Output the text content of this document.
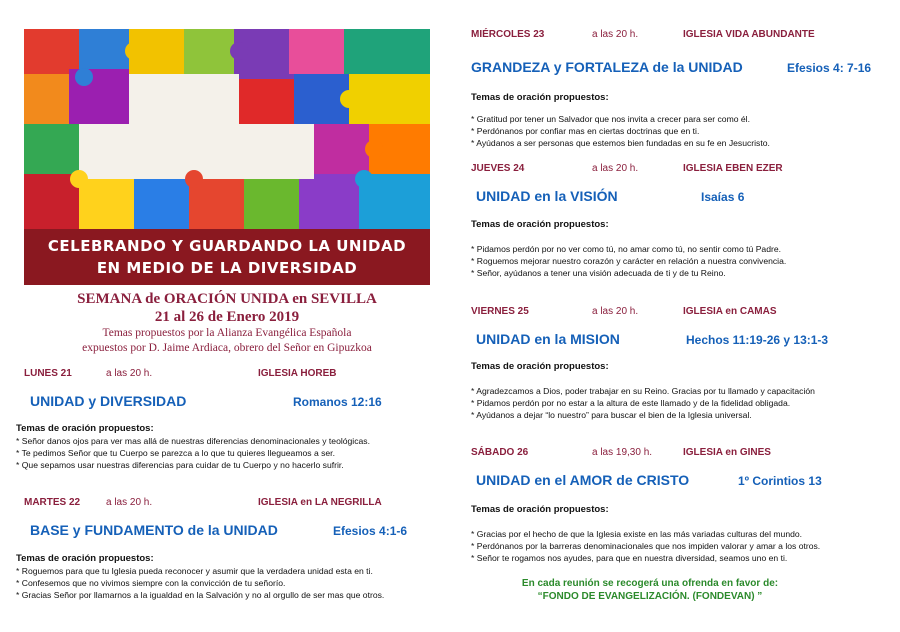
CELEBRANDO Y GUARDANDO LA UNIDAD
EN MEDIO DE LA DIVERSIDAD
SEMANA de ORACIÓN UNIDA en SEVILLA
21 al 26 de Enero 2019
Temas propuestos por la Alianza Evangélica Española
expuestos por D. Jaime Ardiaca, obrero del Señor en Gipuzkoa
LUNES 21	a las 20 h.	IGLESIA HOREB
UNIDAD y DIVERSIDAD	Romanos 12:16
Temas de oración propuestos:
* Señor danos ojos para ver mas allá de nuestras diferencias denominacionales y teológicas.
* Te pedimos Señor que tu Cuerpo se parezca a lo que tu quieres llegueamos a ser.
* Que sepamos usar nuestras diferencias para cuidar de tu Cuerpo y no hacerlo sufrir.
MARTES 22	a las 20 h.	IGLESIA en LA NEGRILLA
BASE y FUNDAMENTO de la UNIDAD	Efesios 4:1-6
Temas de oración propuestos:
* Roguemos para que tu Iglesia pueda reconocer y asumir que la verdadera unidad esta en ti.
* Confesemos que no vivimos siempre con la convicción de tu señorío.
* Gracias Señor por llamarnos a la igualdad en la Salvación y no al orgullo de ser mas que otros.
MIÉRCOLES 23	a las 20 h.	IGLESIA VIDA ABUNDANTE
GRANDEZA y FORTALEZA de la UNIDAD	Efesios 4: 7-16
Temas de oración propuestos:
* Gratitud por tener un Salvador que nos invita a crecer para ser como él.
* Perdónanos por confiar mas en ciertas doctrinas que en ti.
* Ayúdanos a ser personas que estemos bien fundadas en su fe en Jesucristo.
JUEVES 24	a las 20 h.	IGLESIA EBEN EZER
UNIDAD en la VISIÓN	Isaías 6
Temas de oración propuestos:
* Pidamos perdón por no ver como tú, no amar como tú, no sentir como tú Padre.
* Roguemos mejorar nuestro corazón y carácter en relación a nuestra convivencia.
* Señor, ayúdanos a tener una visión adecuada de ti y de tu Reino.
VIERNES 25	a las 20 h.	IGLESIA en CAMAS
UNIDAD en la MISION	Hechos 11:19-26 y 13:1-3
Temas de oración propuestos:
* Agradezcamos a Dios, poder trabajar en su Reino. Gracias por tu llamado y capacitación
* Pidamos perdón por no estar a la altura de este llamado y de la fidelidad obligada.
* Ayúdanos a dejar “lo nuestro” para buscar el bien de la Iglesia universal.
SÁBADO 26	a las 19,30 h.	IGLESIA en GINES
UNIDAD en el AMOR de CRISTO	1º Corintios 13
Temas de oración propuestos:
* Gracias por el hecho de que la Iglesia existe en las más variadas culturas del mundo.
* Perdónanos por la barreras denominacionales que nos impiden valorar y amar a los otros.
* Señor te rogamos nos ayudes, para que en nuestra diversidad, seamos uno en ti.
En cada reunión se recogerá una ofrenda en favor de:
“FONDO DE EVANGELIZACIÓN. (FONDEVAN) ”
